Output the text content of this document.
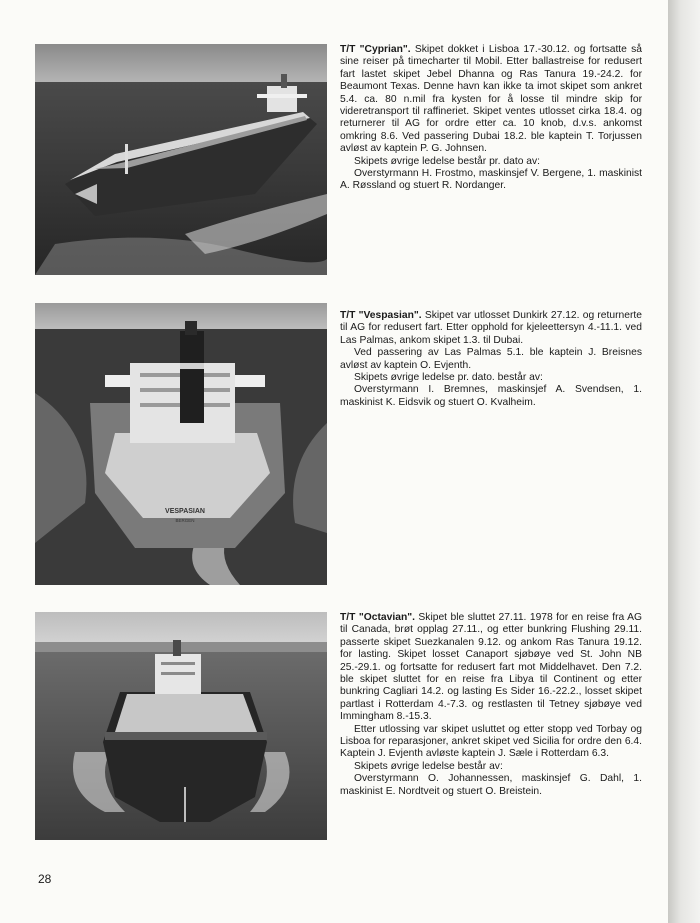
VESPASIAN
BERGEN

T/T "Cyprian". Skipet dokket i Lisboa 17.-30.12. og fortsatte så sine reiser på timecharter til Mobil. Etter ballastreise for redusert fart lastet skipet Jebel Dhanna og Ras Tanura 19.-24.2. for Beaumont Texas. Denne havn kan ikke ta imot skipet som ankret 5.4. ca. 80 n.mil fra kysten for å losse til mindre skip for videretransport til raffineriet. Skipet ventes utlosset cirka 18.4. og returnerer til AG for ordre etter ca. 10 knob, d.v.s. ankomst omkring 8.6. Ved passering Dubai 18.2. ble kaptein T. Torjussen avløst av kaptein P. G. Johnsen.

Skipets øvrige ledelse består pr. dato av:

Overstyrmann H. Frostmo, maskinsjef V. Bergene, 1. maskinist A. Røssland og stuert R. Nordanger.

T/T "Vespasian". Skipet var utlosset Dunkirk 27.12. og returnerte til AG for redusert fart. Etter opphold for kjeleettersyn 4.-11.1. ved Las Palmas, ankom skipet 1.3. til Dubai.

Ved passering av Las Palmas 5.1. ble kaptein J. Breisnes avløst av kaptein O. Evjenth.

Skipets øvrige ledelse pr. dato. består av:

Overstyrmann I. Bremnes, maskinsjef A. Svendsen, 1. maskinist K. Eidsvik og stuert O. Kvalheim.

T/T "Octavian". Skipet ble sluttet 27.11. 1978 for en reise fra AG til Canada, brøt opplag 27.11., og etter bunkring Flushing 29.11. passerte skipet Suezkanalen 9.12. og ankom Ras Tanura 19.12. for lasting. Skipet losset Canaport sjøbøye ved St. John NB 25.-29.1. og fortsatte for redusert fart mot Middelhavet. Den 7.2. ble skipet sluttet for en reise fra Libya til Continent og etter bunkring Cagliari 14.2. og lasting Es Sider 16.-22.2., losset skipet partlast i Rotterdam 4.-7.3. og restlasten til Tetney sjøbøye ved Immingham 8.-15.3.

Etter utlossing var skipet usluttet og etter stopp ved Torbay og Lisboa for reparasjoner, ankret skipet ved Sicilia for ordre den 6.4. Kaptein J. Evjenth avløste kaptein J. Sæle i Rotterdam 6.3.

Skipets øvrige ledelse består av:

Overstyrmann O. Johannessen, maskinsjef G. Dahl, 1. maskinist E. Nordtveit og stuert O. Breistein.

28
